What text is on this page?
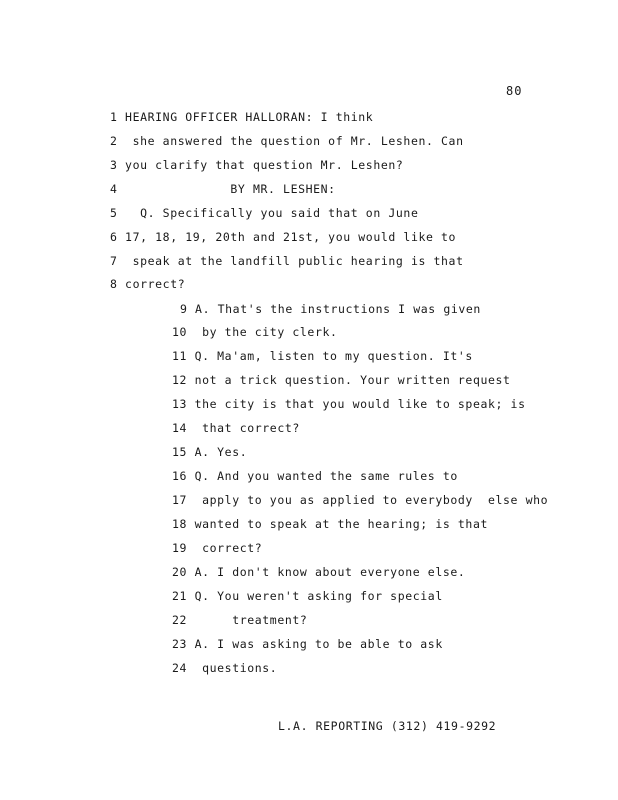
80
1 HEARING OFFICER HALLORAN: I think
2  she answered the question of Mr. Leshen. Can
3 you clarify that question Mr. Leshen?
4               BY MR. LESHEN:
5   Q. Specifically you said that on June
6 17, 18, 19, 20th and 21st, you would like to
7  speak at the landfill public hearing is that
8 correct?
9 A. That's the instructions I was given
10  by the city clerk.
11 Q. Ma'am, listen to my question. It's
12 not a trick question. Your written request
13 the city is that you would like to speak; is
14  that correct?
15 A. Yes.
16 Q. And you wanted the same rules to
17  apply to you as applied to everybody  else who
18 wanted to speak at the hearing; is that
19  correct?
20 A. I don't know about everyone else.
21 Q. You weren't asking for special
22      treatment?
23 A. I was asking to be able to ask
24  questions.
L.A. REPORTING (312) 419-9292
